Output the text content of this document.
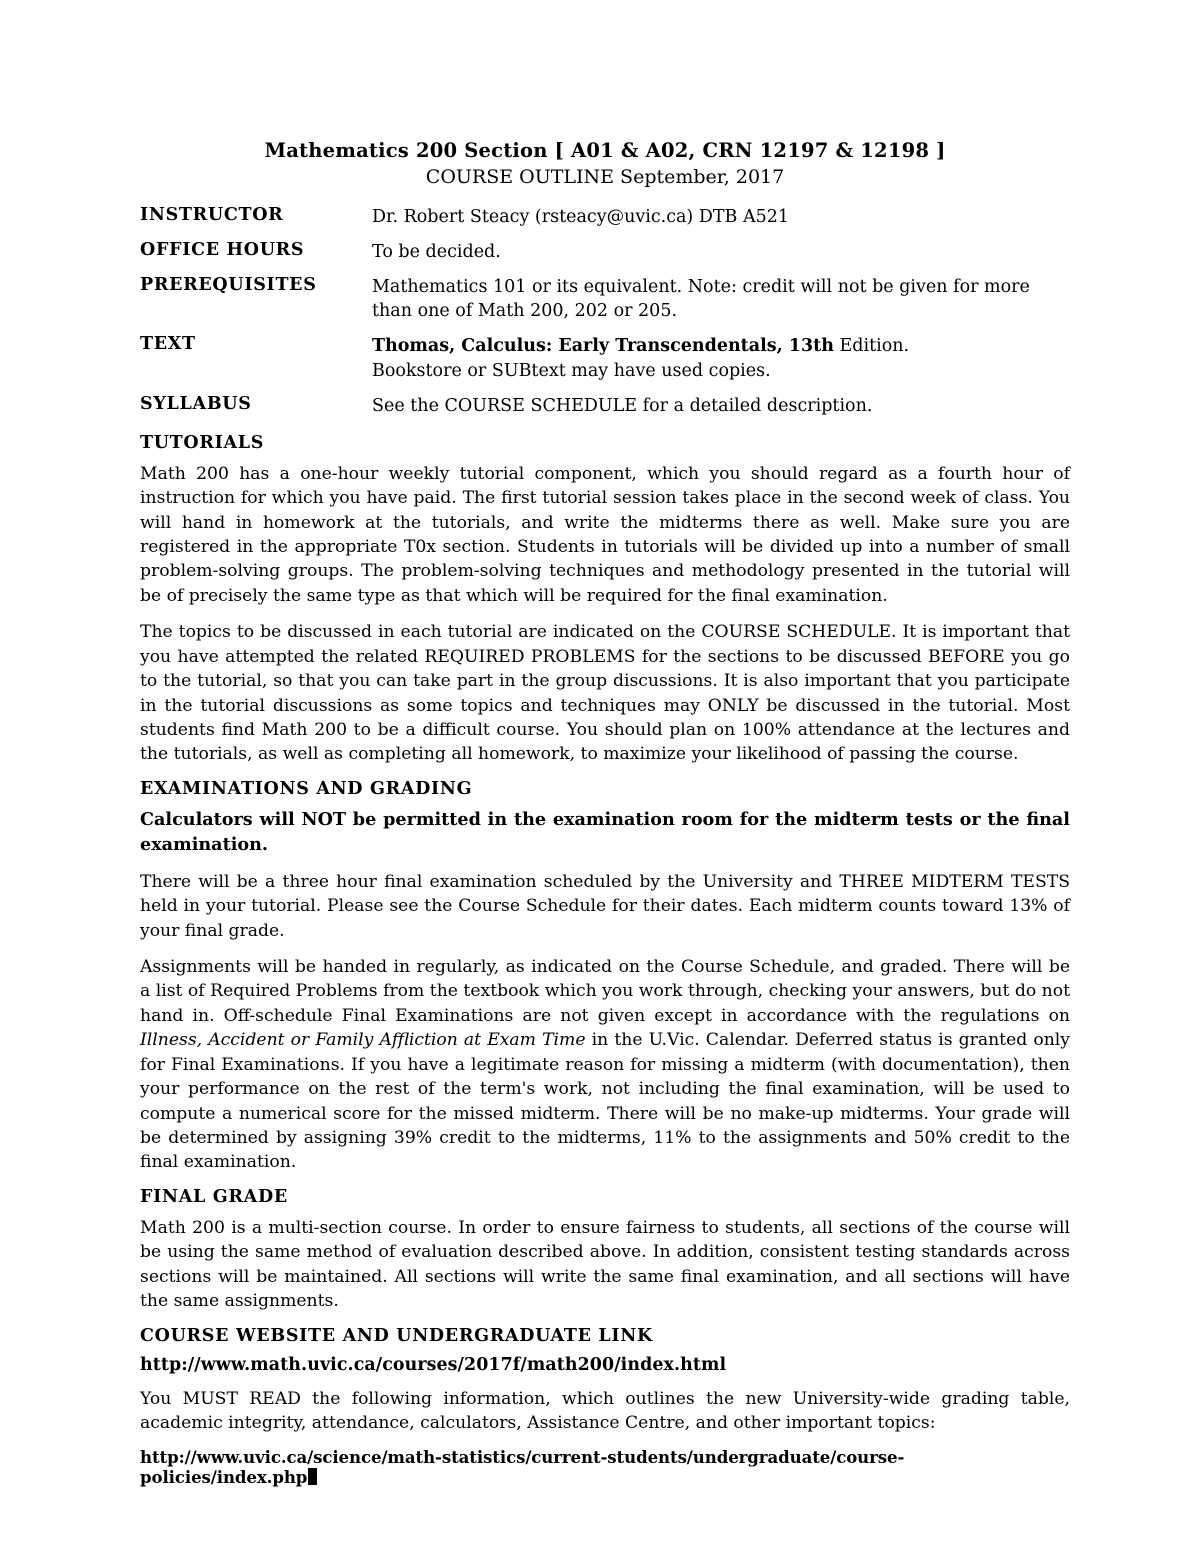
Mathematics 200 Section [ A01 & A02, CRN 12197 & 12198 ]
COURSE OUTLINE September, 2017
INSTRUCTOR	Dr. Robert Steacy (rsteacy@uvic.ca) DTB A521
OFFICE HOURS	To be decided.
PREREQUISITES	Mathematics 101 or its equivalent. Note: credit will not be given for more than one of Math 200, 202 or 205.
TEXT	Thomas, Calculus: Early Transcendentals, 13th Edition.
Bookstore or SUBtext may have used copies.
SYLLABUS	See the COURSE SCHEDULE for a detailed description.
TUTORIALS

Math 200 has a one-hour weekly tutorial component, which you should regard as a fourth hour of instruction for which you have paid. The first tutorial session takes place in the second week of class. You will hand in homework at the tutorials, and write the midterms there as well. Make sure you are registered in the appropriate T0x section. Students in tutorials will be divided up into a number of small problem-solving groups. The problem-solving techniques and methodology presented in the tutorial will be of precisely the same type as that which will be required for the final examination.

The topics to be discussed in each tutorial are indicated on the COURSE SCHEDULE. It is important that you have attempted the related REQUIRED PROBLEMS for the sections to be discussed BEFORE you go to the tutorial, so that you can take part in the group discussions. It is also important that you participate in the tutorial discussions as some topics and techniques may ONLY be discussed in the tutorial. Most students find Math 200 to be a difficult course. You should plan on 100% attendance at the lectures and the tutorials, as well as completing all homework, to maximize your likelihood of passing the course.

EXAMINATIONS AND GRADING

Calculators will NOT be permitted in the examination room for the midterm tests or the final examination.

There will be a three hour final examination scheduled by the University and THREE MIDTERM TESTS held in your tutorial. Please see the Course Schedule for their dates. Each midterm counts toward 13% of your final grade.

Assignments will be handed in regularly, as indicated on the Course Schedule, and graded. There will be a list of Required Problems from the textbook which you work through, checking your answers, but do not hand in. Off-schedule Final Examinations are not given except in accordance with the regulations on Illness, Accident or Family Affliction at Exam Time in the U.Vic. Calendar. Deferred status is granted only for Final Examinations. If you have a legitimate reason for missing a midterm (with documentation), then your performance on the rest of the term's work, not including the final examination, will be used to compute a numerical score for the missed midterm. There will be no make-up midterms. Your grade will be determined by assigning 39% credit to the midterms, 11% to the assignments and 50% credit to the final examination.

FINAL GRADE

Math 200 is a multi-section course. In order to ensure fairness to students, all sections of the course will be using the same method of evaluation described above. In addition, consistent testing standards across sections will be maintained. All sections will write the same final examination, and all sections will have the same assignments.

COURSE WEBSITE AND UNDERGRADUATE LINK

http://www.math.uvic.ca/courses/2017f/math200/index.html

You MUST READ the following information, which outlines the new University-wide grading table, academic integrity, attendance, calculators, Assistance Centre, and other important topics:

http://www.uvic.ca/science/math-statistics/current-students/undergraduate/course-policies/index.php
